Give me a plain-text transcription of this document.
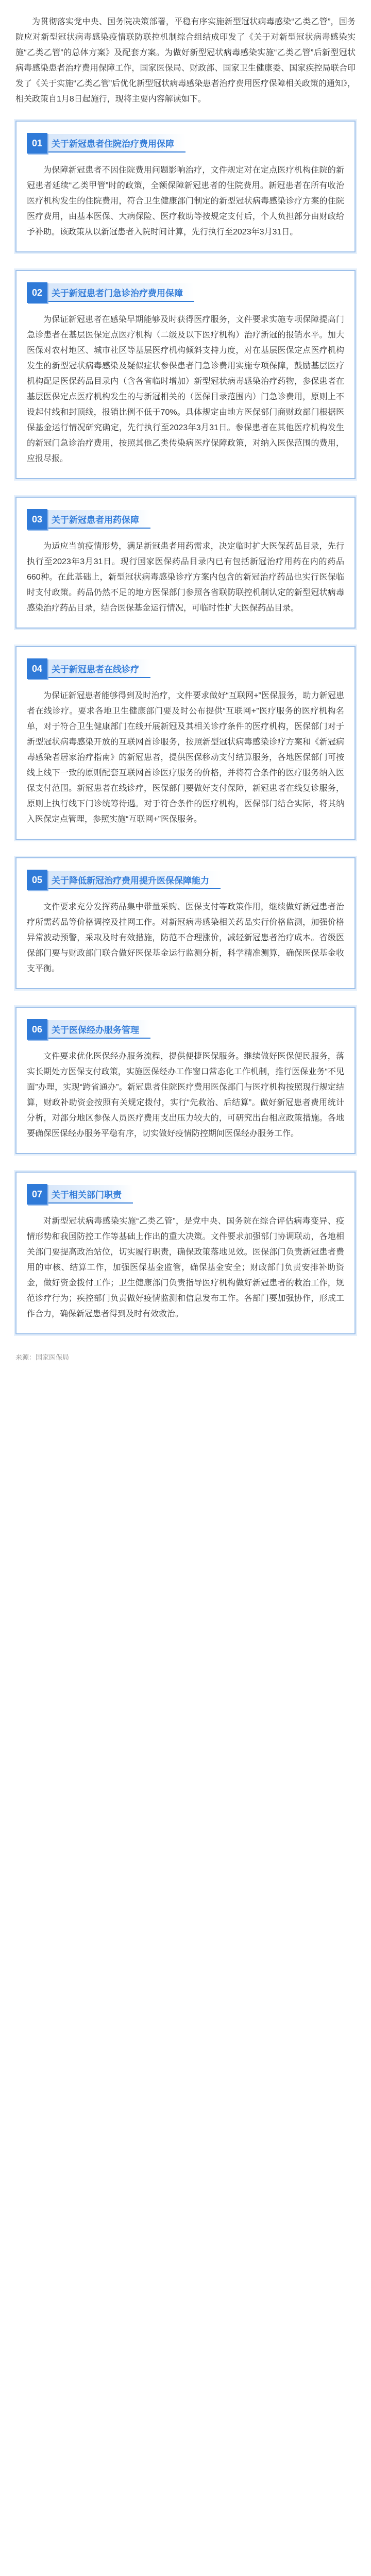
为贯彻落实党中央、国务院决策部署，平稳有序实施新型冠状病毒感染“乙类乙管”，国务院应对新型冠状病毒感染疫情联防联控机制综合组结成印发了《关于对新型冠状病毒感染实施“乙类乙管”的总体方案》及配套方案。为做好新型冠状病毒感染实施“乙类乙管”后新型冠状病毒感染患者治疗费用保障工作，国家医保局、财政部、国家卫生健康委、国家疾控局联合印发了《关于实施“乙类乙管”后优化新型冠状病毒感染患者治疗费用医疗保障相关政策的通知》，相关政策自1月8日起施行，现将主要内容解读如下。

01	关于新冠患者住院治疗费用保障

为保障新冠患者不因住院费用问题影响治疗，文件规定对在定点医疗机构住院的新冠患者延续“乙类甲管”时的政策，全额保障新冠患者的住院费用。新冠患者在所有收治医疗机构发生的住院费用，符合卫生健康部门制定的新型冠状病毒感染诊疗方案的住院医疗费用，由基本医保、大病保险、医疗救助等按规定支付后，个人负担部分由财政给予补助。该政策从以新冠患者入院时间计算，先行执行至2023年3月31日。

02	关于新冠患者门急诊治疗费用保障

为保证新冠患者在感染早期能够及时获得医疗服务，文件要求实施专项保障提高门急诊患者在基层医保定点医疗机构（二级及以下医疗机构）治疗新冠的报销水平。加大医保对农村地区、城市社区等基层医疗机构倾斜支持力度，对在基层医保定点医疗机构发生的新型冠状病毒感染及疑似症状参保患者门急诊费用实施专项保障，鼓励基层医疗机构配足医保药品目录内（含各省临时增加）新型冠状病毒感染治疗药物，参保患者在基层医保定点医疗机构发生的与新冠相关的（医保目录范围内）门急诊费用，原则上不设起付线和封顶线，报销比例不低于70%。具体规定由地方医保部门商财政部门根据医保基金运行情况研究确定，先行执行至2023年3月31日。参保患者在其他医疗机构发生的新冠门急诊治疗费用，按照其他乙类传染病医疗保障政策，对纳入医保范围的费用，应报尽报。

03	关于新冠患者用药保障

为适应当前疫情形势，满足新冠患者用药需求，决定临时扩大医保药品目录，先行执行至2023年3月31日。现行国家医保药品目录内已有包括新冠治疗用药在内的药品660种。在此基础上，新型冠状病毒感染诊疗方案内包含的新冠治疗药品也实行医保临时支付政策。药品仍然不足的地方医保部门参照各省联防联控机制认定的新型冠状病毒感染治疗药品目录，结合医保基金运行情况，可临时性扩大医保药品目录。

04	关于新冠患者在线诊疗

为保证新冠患者能够得到及时治疗，文件要求做好“互联网+”医保服务，助力新冠患者在线诊疗。要求各地卫生健康部门要及时公布提供“互联网+”医疗服务的医疗机构名单，对于符合卫生健康部门在线开展新冠及其相关诊疗条件的医疗机构，医保部门对于新型冠状病毒感染开放的互联网首诊服务，按照新型冠状病毒感染诊疗方案和《新冠病毒感染者居家治疗指南》的新冠患者，提供医保移动支付结算服务，各地医保部门可按线上线下一致的原则配套互联网首诊医疗服务的价格，并将符合条件的医疗服务纳入医保支付范围。新冠患者在线诊疗，医保部门要做好支付保障，新冠患者在线复诊服务，原则上执行线下门诊统筹待遇。对于符合条件的医疗机构，医保部门结合实际，将其纳入医保定点管理，参照实施“互联网+”医保服务。

05	关于降低新冠治疗费用提升医保保障能力

文件要求充分发挥药品集中带量采购、医保支付等政策作用，继续做好新冠患者治疗所需药品等价格调控及挂网工作。对新冠病毒感染相关药品实行价格监测，加强价格异常波动预警，采取及时有效措施，防范不合理涨价，减轻新冠患者治疗成本。省级医保部门要与财政部门联合做好医保基金运行监测分析，科学精准测算，确保医保基金收支平衡。

06	关于医保经办服务管理

文件要求优化医保经办服务流程，提供便捷医保服务。继续做好医保便民服务，落实长期处方医保支付政策，实施医保经办工作窗口常态化工作机制，推行医保业务“不见面”办理，实现“跨省通办”。新冠患者住院医疗费用医保部门与医疗机构按照现行规定结算，财政补助资金按照有关规定拨付，实行“先救治、后结算”。做好新冠患者费用统计分析，对部分地区参保人员医疗费用支出压力较大的，可研究出台相应政策措施。各地要确保医保经办服务平稳有序，切实做好疫情防控期间医保经办服务工作。

07	关于相关部门职责

对新型冠状病毒感染实施“乙类乙管”，是党中央、国务院在综合评估病毒变异、疫情形势和我国防控工作等基础上作出的重大决策。文件要求加强部门协调联动，各地相关部门要提高政治站位，切实履行职责，确保政策落地见效。医保部门负责新冠患者费用的审核、结算工作，加强医保基金监管，确保基金安全；财政部门负责安排补助资金，做好资金拨付工作；卫生健康部门负责指导医疗机构做好新冠患者的救治工作，规范诊疗行为；疾控部门负责做好疫情监测和信息发布工作。各部门要加强协作，形成工作合力，确保新冠患者得到及时有效救治。

来源：国家医保局
